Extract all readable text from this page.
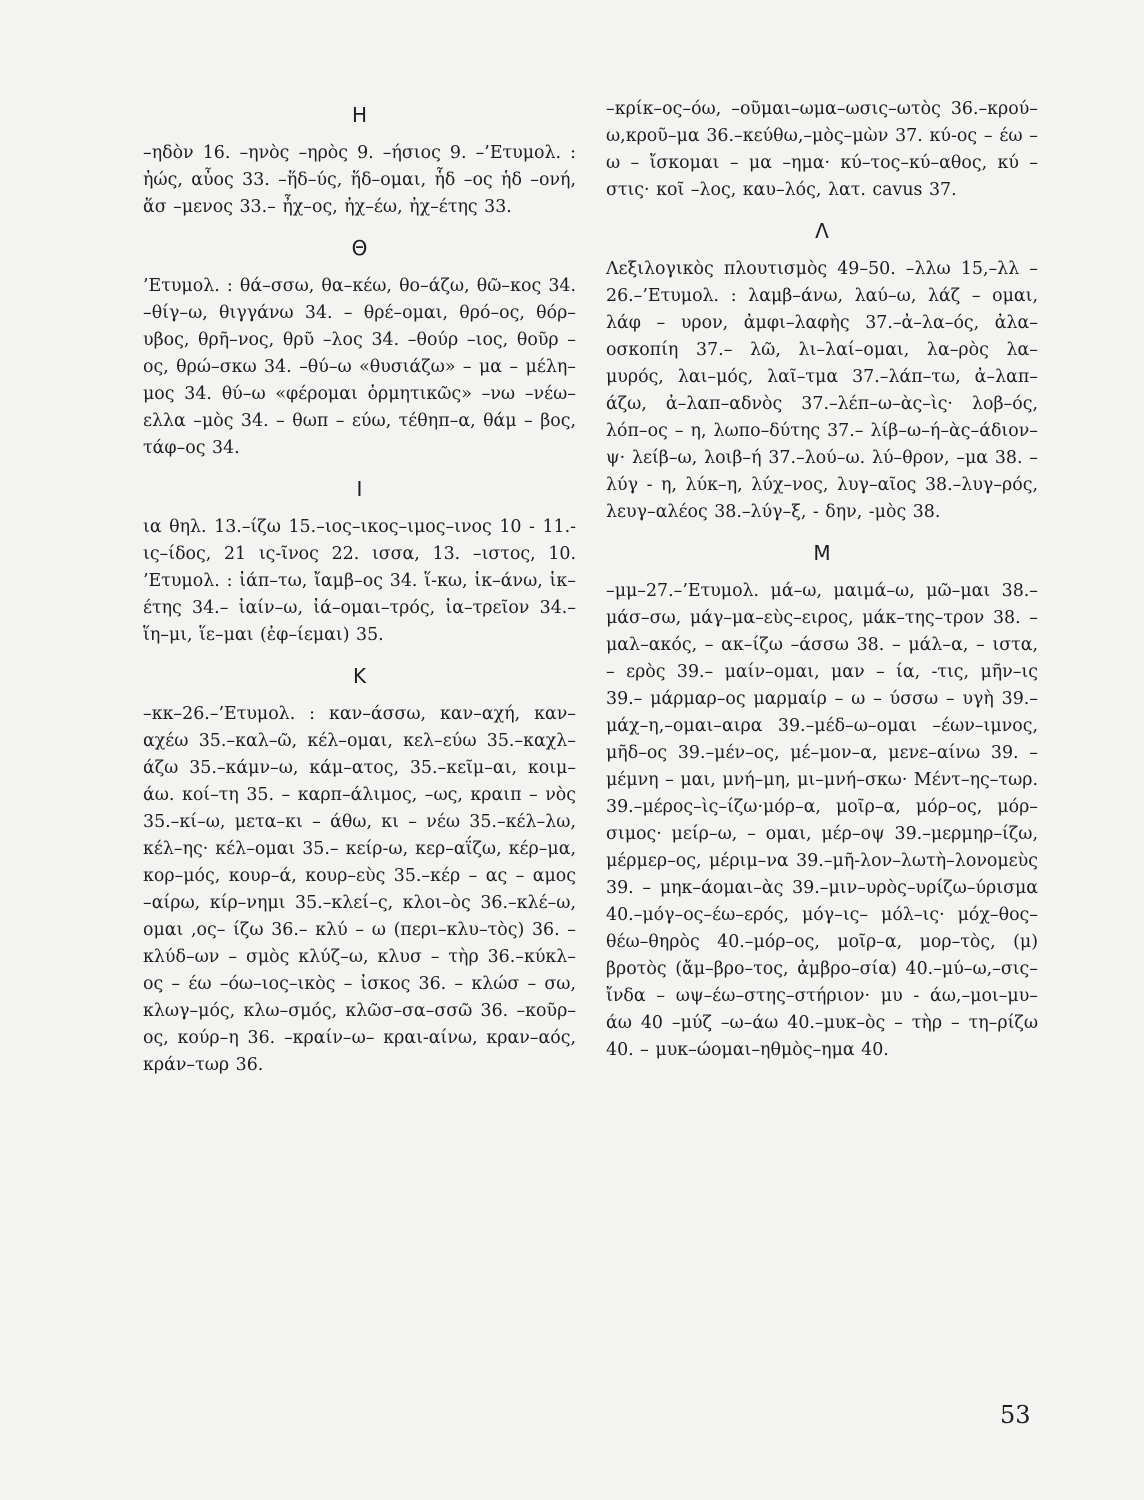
Η
–ηδὸν 16. –ηνὸς –ηρὸς 9. –ήσιος 9. –’Ετυμολ. : ἠώς, αὖος 33. –ἥδ–ύς, ἥδ–ομαι, ἧδ –ος ἡδ –ονή, ἅσ –μενος 33.– ἦχ–ος, ἠχ–έω, ἠχ–έτης 33.
Θ
’Ετυμολ. : θά–σσω, θα–κέω, θο–άζω, θῶ–κος 34. –θίγ–ω, θιγγάνω 34. – θρέ–ομαι, θρό–ος, θόρ–υβος, θρῆ–νος, θρῦ –λος 34. –θούρ –ιος, θοῦρ –ος, θρώ–σκω 34. –θύ–ω «θυσιάζω» – μα – μέλη–μος 34. θύ–ω «φέρομαι ὁρμητικῶς» –νω –νέω–ελλα –μὸς 34. – θωπ – εύω, τέθηπ–α, θάμ – βος, τάφ–ος 34.
Ι
ια θηλ. 13.–ίζω 15.–ιος–ικος–ιμος–ινος 10 - 11.-ις–ίδος, 21 ις-ῖνος 22. ισσα, 13. –ιστος, 10. ’Ετυμολ. : ἰάπ–τω, ἴαμβ–ος 34. ἵ-κω, ἱκ–άνω, ἱκ–έτης 34.– ἰαίν–ω, ἰά–ομαι–τρός, ἰα–τρεῖον 34.– ἵη–μι, ἵε–μαι (ἐφ–ίεμαι) 35.
Κ
–κκ–26.–’Ετυμολ. : καν–άσσω, καν–αχή, καν–αχέω 35.–καλ–ῶ, κέλ–ομαι, κελ–εύω 35.–καχλ–άζω 35.–κάμν–ω, κάμ–ατος, 35.–κεῖμ–αι, κοιμ–άω. κοί–τη 35. – καρπ–άλιμος, –ως, κραιπ – νὸς 35.–κί–ω, μετα–κι – άθω, κι – νέω 35.–κέλ–λω, κέλ–ης· κέλ–ομαι 35.– κείρ-ω, κερ–αΐζω, κέρ–μα, κορ–μός, κουρ–ά, κουρ–εὺς 35.–κέρ – ας – αμος –αίρω, κίρ–νημι 35.–κλεί–ς, κλοι–ὸς 36.–κλέ–ω, ομαι ,ος– ίζω 36.– κλύ – ω (περι–κλυ–τὸς) 36. – κλύδ–ων – σμὸς κλύζ–ω, κλυσ – τὴρ 36.–κύκλ–ος – έω –όω–ιος–ικὸς – ἰσκος 36. – κλώσ – σω, κλωγ–μός, κλω–σμός, κλῶσ–σα–σσῶ 36. –κοῦρ–ος, κούρ–η 36. –κραίν–ω– κραι-αίνω, κραν–αός, κράν–τωρ 36.
–κρίκ–ος–όω, –οῦμαι–ωμα–ωσις–ωτὸς 36.–κρού–ω,κροῦ–μα 36.–κεύθω,–μὸς–μὼν 37. κύ-ος – έω – ω – ἴσκομαι – μα –ημα· κύ–τος–κύ–αθος, κύ –στις· κοῖ –λος, καυ–λός, λατ. cavus 37.
Λ
Λεξιλογικὸς πλουτισμὸς 49–50. –λλω 15,–λλ – 26.–’Ετυμολ. : λαμβ–άνω, λαύ–ω, λάζ – ομαι, λάφ – υρον, ἀμφι–λαφὴς 37.–ἀ–λα–ός, ἀλα–οσκοπίη 37.– λῶ, λι–λαί–ομαι, λα–ρὸς λα–μυρός, λαι–μός, λαῖ–τμα 37.–λάπ–τω, ἀ–λαπ–άζω, ἀ–λαπ–αδνὸς 37.–λέπ–ω–ὰς–ὶς· λοβ–ός, λόπ–ος – η, λωπο–δύτης 37.– λίβ–ω–ή–ὰς–άδιον–ψ· λείβ–ω, λοιβ–ή 37.–λού–ω. λύ–θρον, –μα 38. – λύγ - η, λύκ–η, λύχ–νος, λυγ–αῖος 38.–λυγ–ρός, λευγ–αλέος 38.–λύγ–ξ, - δην, -μὸς 38.
Μ
–μμ–27.–’Ετυμολ. μά–ω, μαιμά–ω, μῶ–μαι 38.–μάσ–σω, μάγ–μα–εὺς–ειρος, μάκ–της–τρον 38. –μαλ–ακός, – ακ–ίζω –άσσω 38. – μάλ–α, – ιστα, – ερὸς 39.– μαίν–ομαι, μαν – ία, -τις, μῆν–ις 39.– μάρμαρ–ος μαρμαίρ – ω – ύσσω – υγὴ 39.–μάχ–η,–ομαι–αιρα 39.–μέδ–ω–ομαι –έων–ιμνος, μῆδ–ος 39.–μέν–ος, μέ–μον–α, μενε–αίνω 39. – μέμνη – μαι, μνή–μη, μι–μνή–σκω· Μέντ–ης–τωρ. 39.–μέρος–ὶς–ίζω·μόρ–α, μοῖρ–α, μόρ–ος, μόρ–σιμος· μείρ–ω, – ομαι, μέρ–οψ 39.–μερμηρ–ίζω, μέρμερ–ος, μέριμ–να 39.–μῆ-λον–λωτὴ–λονομεὺς 39. – μηκ–άομαι–ὰς 39.–μιν–υρὸς–υρίζω–ύρισμα 40.–μόγ–ος–έω–ερός, μόγ–ις– μόλ–ις· μόχ–θος–θέω–θηρὸς 40.–μόρ–ος, μοῖρ–α, μορ–τὸς, (μ) βροτὸς (ἄμ–βρο–τος, ἀμβρο–σία) 40.–μύ–ω,–σις–ἴνδα – ωψ–έω–στης–στήριον· μυ - άω,–μοι–μυ–άω 40 –μύζ –ω–άω 40.–μυκ–ὸς – τὴρ – τη–ρίζω 40. – μυκ–ώομαι–ηθμὸς–ημα 40.
53
